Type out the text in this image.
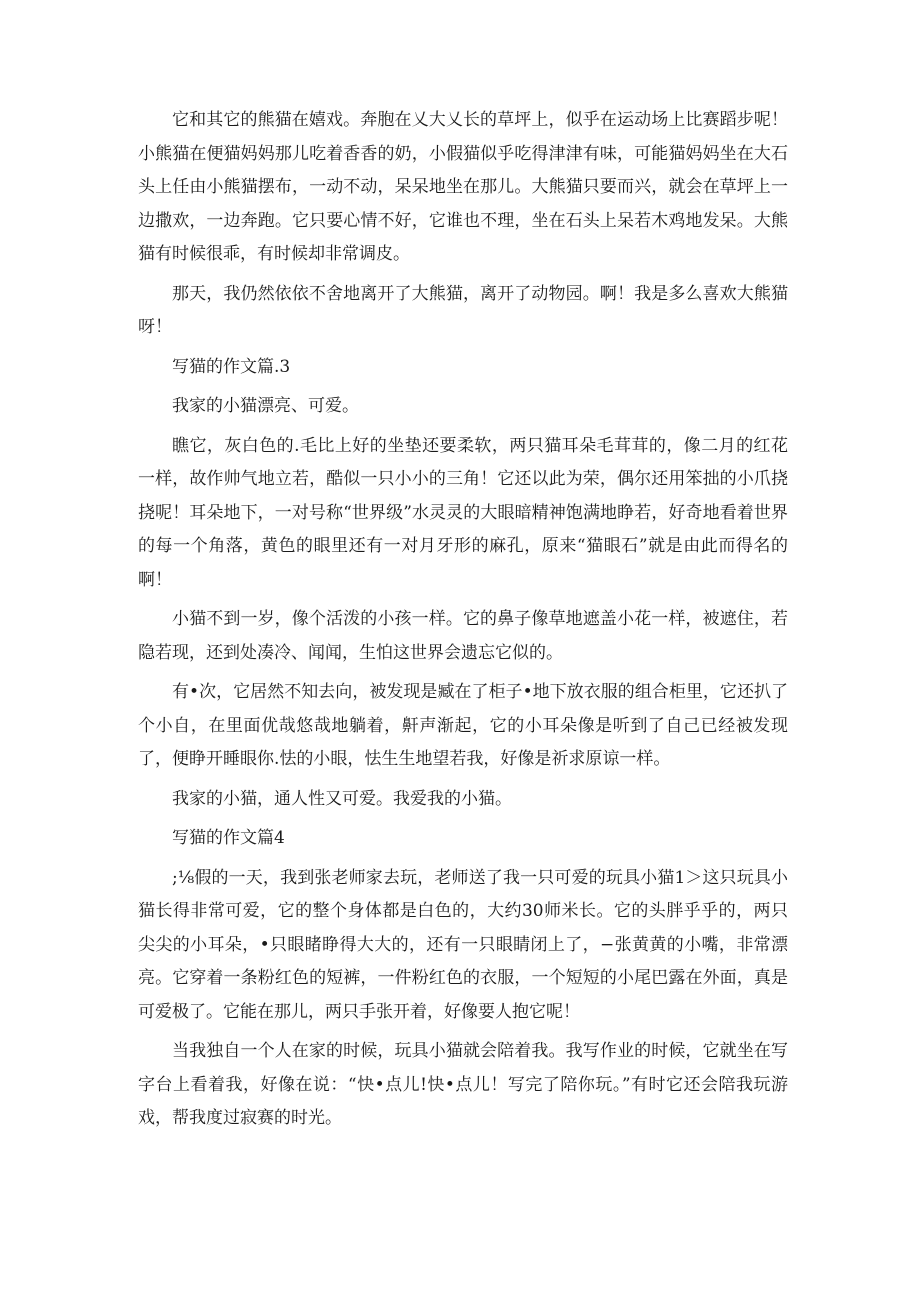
它和其它的熊猫在嬉戏。奔胞在乂大乂长的草坪上，似乎在运动场上比赛蹈步呢！小熊猫在便猫妈妈那儿吃着香香的奶，小假猫似乎吃得津津有味，可能猫妈妈坐在大石头上任由小熊猫摆布，一动不动，呆呆地坐在那儿。大熊猫只要而兴，就会在草坪上一边撒欢，一边奔跑。它只要心情不好，它谁也不理，坐在石头上呆若木鸡地发呆。大熊猫有时候很乖，有时候却非常调皮。

那天，我仍然依依不舍地离开了大熊猫，离开了动物园。啊！我是多么喜欢大熊猫呀！

写猫的作文篇.3

我家的小猫漂亮、可爱。

瞧它，灰白色的.毛比上好的坐垫还要柔软，两只猫耳朵毛茸茸的，像二月的红花一样，故作帅气地立若，酷似一只小小的三角！它还以此为荣，偶尔还用笨拙的小爪挠挠呢！耳朵地下，一对号称“世界级”水灵灵的大眼暗精神饱满地睁若，好奇地看着世界的每一个角落，黄色的眼里还有一对月牙形的麻孔，原来“猫眼石”就是由此而得名的啊！

小猫不到一岁，像个活泼的小孩一样。它的鼻子像草地遮盖小花一样，被遮住，若隐若现，还到处凑冷、闻闻，生怕这世界会遗忘它似的。

有•次，它居然不知去向，被发现是臧在了柜子•地下放衣服的组合柜里，它还扒了个小自，在里面优哉悠哉地躺着，鼾声渐起，它的小耳朵像是听到了自己已经被发现了，便睁开睡眼你.怯的小眼，怯生生地望若我，好像是祈求原谅一样。

我家的小猫，通人性又可爱。我爱我的小猫。

写猫的作文篇4

;⅛假的一天，我到张老师家去玩，老师送了我一只可爱的玩具小猫1＞这只玩具小猫长得非常可爱，它的整个身体都是白色的，大约30师米长。它的头胖乎乎的，两只尖尖的小耳朵，•只眼睹睁得大大的，还有一只眼睛闭上了，−张黄黄的小嘴，非常漂亮。它穿着一条粉红色的短裤，一件粉红色的衣服，一个短短的小尾巴露在外面，真是可爱极了。它能在那儿，两只手张开着，好像要人抱它呢！

当我独自一个人在家的时候，玩具小猫就会陪着我。我写作业的时候，它就坐在写字台上看着我，好像在说：“快•点儿!快•点儿！写完了陪你玩。”有时它还会陪我玩游戏，帮我度过寂赛的时光。
